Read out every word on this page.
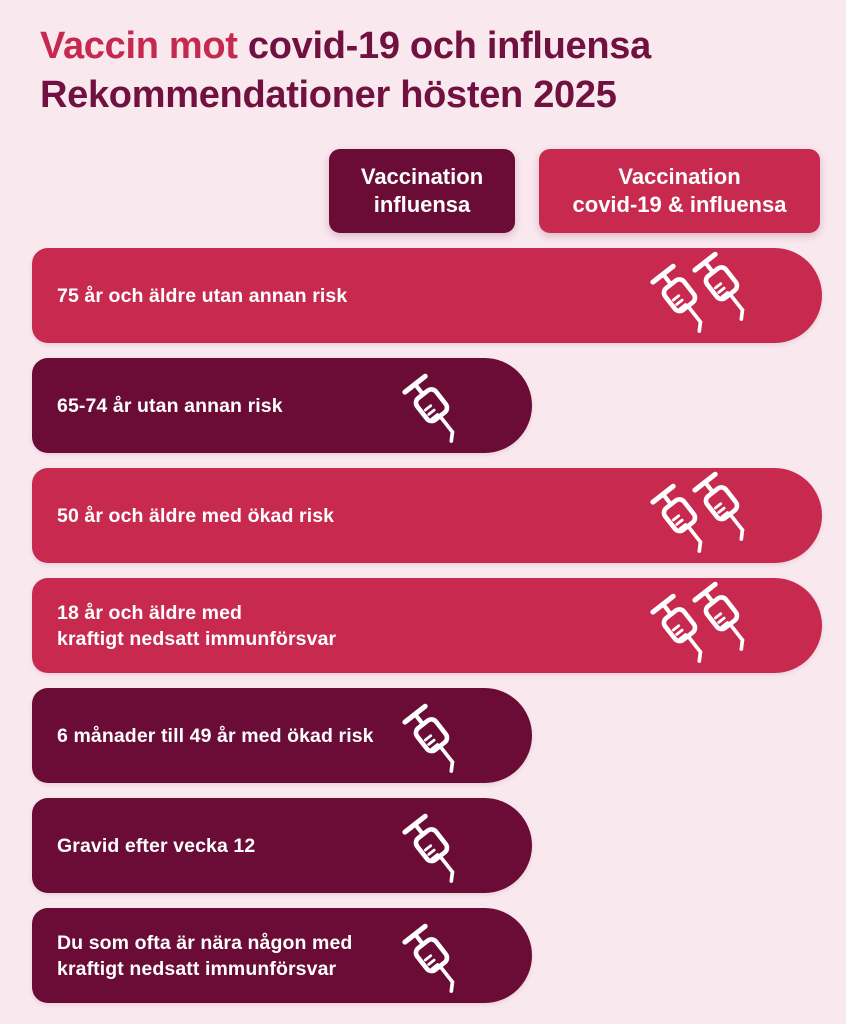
Vaccin mot covid-19 och influensa
Rekommendationer hösten 2025
Vaccination
influensa
Vaccination
covid-19 & influensa
75 år och äldre utan annan risk
65-74 år utan annan risk
50 år och äldre med ökad risk
18 år och äldre med
kraftigt nedsatt immunförsvar
6 månader till 49 år med ökad risk
Gravid efter vecka 12
Du som ofta är nära någon med
kraftigt nedsatt immunförsvar
